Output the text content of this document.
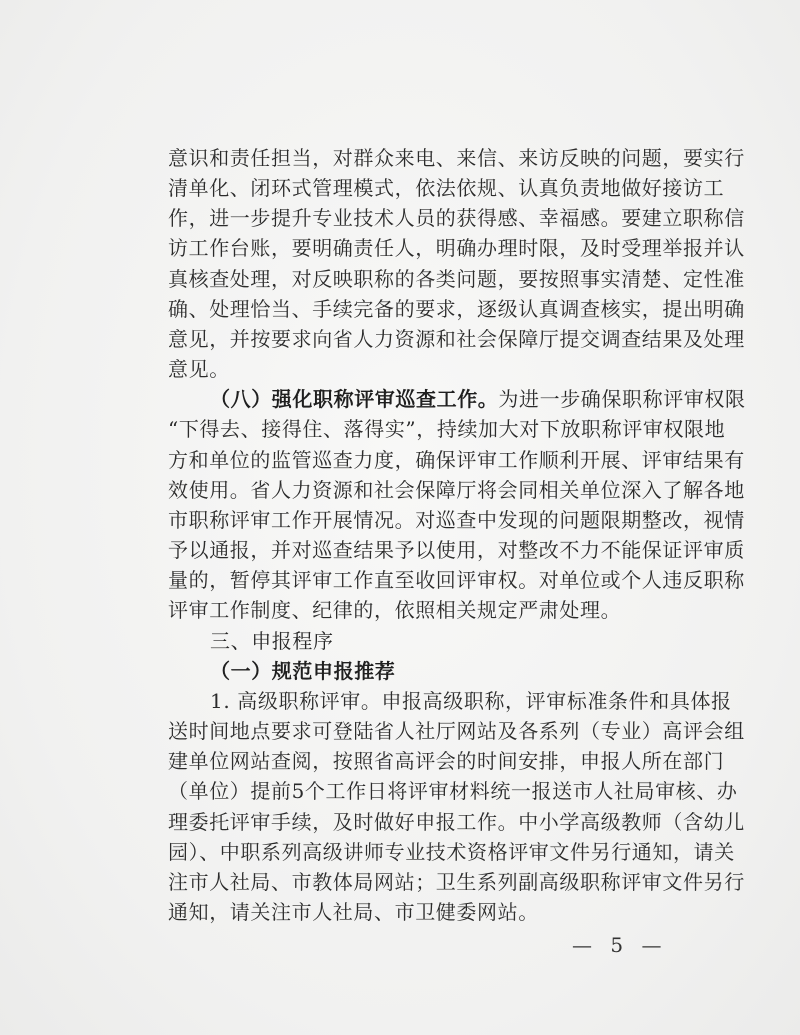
意识和责任担当，对群众来电、来信、来访反映的问题，要实行
清单化、闭环式管理模式，依法依规、认真负责地做好接访工
作，进一步提升专业技术人员的获得感、幸福感。要建立职称信
访工作台账，要明确责任人，明确办理时限，及时受理举报并认
真核查处理，对反映职称的各类问题，要按照事实清楚、定性准
确、处理恰当、手续完备的要求，逐级认真调查核实，提出明确
意见，并按要求向省人力资源和社会保障厅提交调查结果及处理
意见。
（八）强化职称评审巡查工作。为进一步确保职称评审权限
“下得去、接得住、落得实”，持续加大对下放职称评审权限地
方和单位的监管巡查力度，确保评审工作顺利开展、评审结果有
效使用。省人力资源和社会保障厅将会同相关单位深入了解各地
市职称评审工作开展情况。对巡查中发现的问题限期整改，视情
予以通报，并对巡查结果予以使用，对整改不力不能保证评审质
量的，暂停其评审工作直至收回评审权。对单位或个人违反职称
评审工作制度、纪律的，依照相关规定严肃处理。
三、申报程序
（一）规范申报推荐
1. 高级职称评审。申报高级职称，评审标准条件和具体报
送时间地点要求可登陆省人社厅网站及各系列（专业）高评会组
建单位网站查阅，按照省高评会的时间安排，申报人所在部门
（单位）提前5个工作日将评审材料统一报送市人社局审核、办
理委托评审手续，及时做好申报工作。中小学高级教师（含幼儿
园）、中职系列高级讲师专业技术资格评审文件另行通知，请关
注市人社局、市教体局网站；卫生系列副高级职称评审文件另行
通知，请关注市人社局、市卫健委网站。
— 5 —
